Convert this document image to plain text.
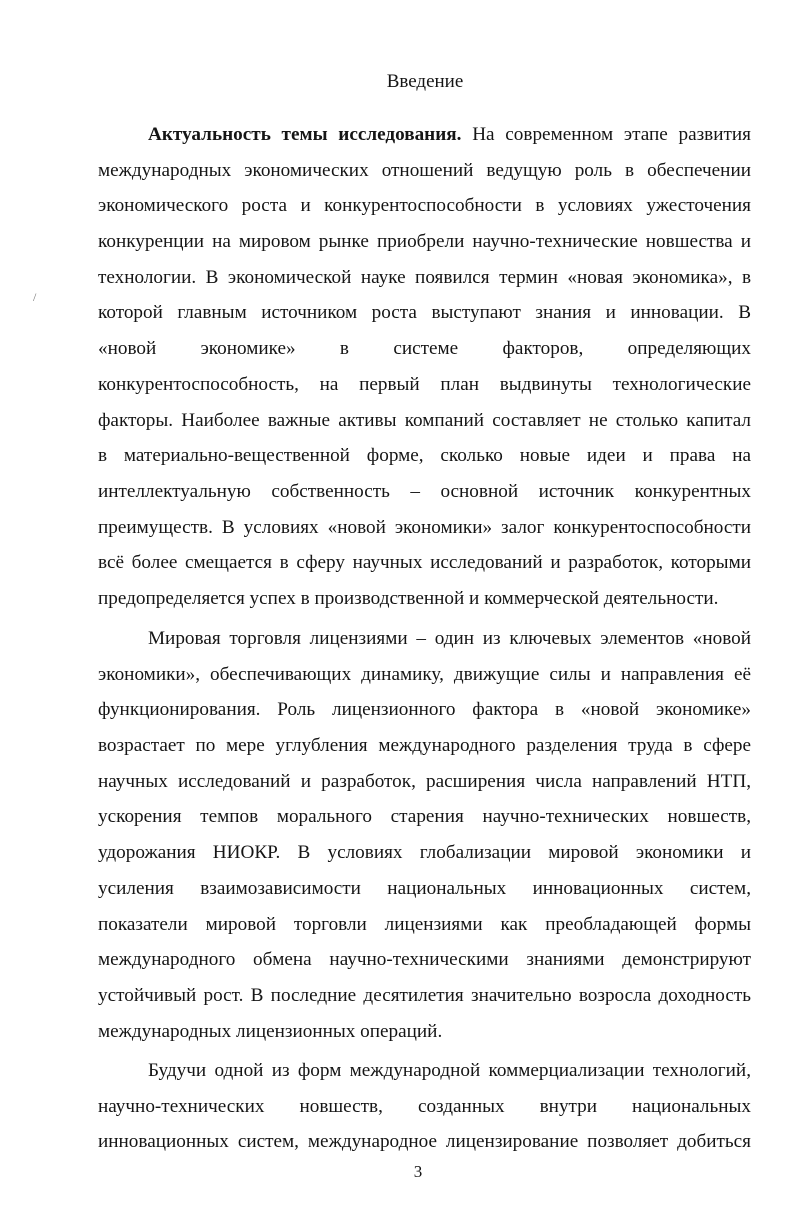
Введение
/
Актуальность темы исследования. На современном этапе развития
международных экономических отношений ведущую роль в обеспечении
экономического роста и конкурентоспособности в условиях ужесточения
конкуренции на мировом рынке приобрели научно-технические новшества и
технологии. В экономической науке появился термин «новая экономика», в
которой главным источником роста выступают знания и инновации. В
«новой экономике» в системе факторов, определяющих
конкурентоспособность, на первый план выдвинуты технологические
факторы. Наиболее важные активы компаний составляет не столько капитал
в материально-вещественной форме, сколько новые идеи и права на
интеллектуальную собственность – основной источник конкурентных
преимуществ. В условиях «новой экономики» залог конкурентоспособности
всё более смещается в сферу научных исследований и разработок, которыми
предопределяется успех в производственной и коммерческой деятельности.
Мировая торговля лицензиями – один из ключевых элементов «новой
экономики», обеспечивающих динамику, движущие силы и направления её
функционирования. Роль лицензионного фактора в «новой экономике»
возрастает по мере углубления международного разделения труда в сфере
научных исследований и разработок, расширения числа направлений НТП,
ускорения темпов морального старения научно-технических новшеств,
удорожания НИОКР. В условиях глобализации мировой экономики и
усиления взаимозависимости национальных инновационных систем,
показатели мировой торговли лицензиями как преобладающей формы
международного обмена научно-техническими знаниями демонстрируют
устойчивый рост. В последние десятилетия значительно возросла доходность
международных лицензионных операций.
Будучи одной из форм международной коммерциализации технологий,
научно-технических новшеств, созданных внутри национальных
инновационных систем, международное лицензирование позволяет добиться
3
